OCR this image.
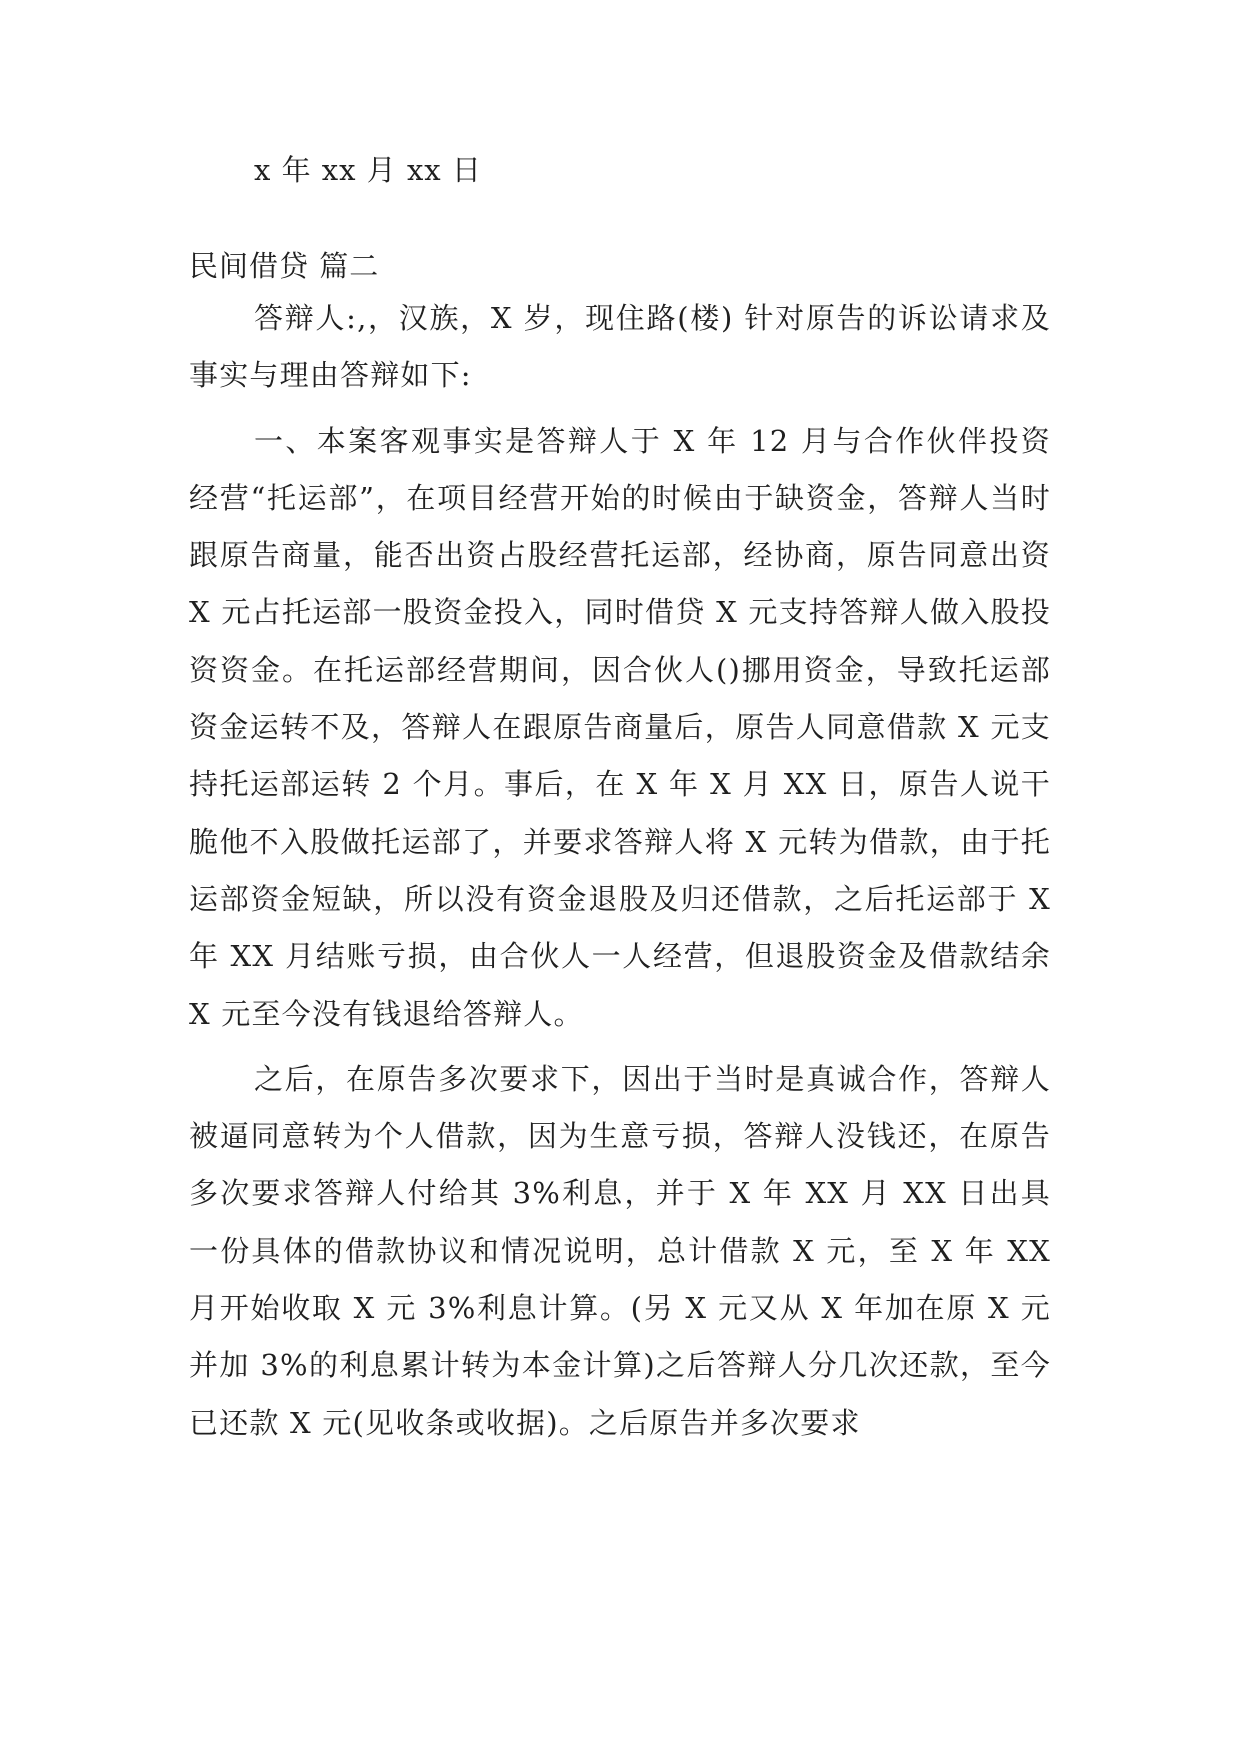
x 年 xx 月 xx 日

民间借贷 篇二

答辩人:,，汉族，X 岁，现住路(楼) 针对原告的诉讼请求及事实与理由答辩如下:

一、本案客观事实是答辩人于 X 年 12 月与合作伙伴投资经营“托运部”，在项目经营开始的时候由于缺资金，答辩人当时跟原告商量，能否出资占股经营托运部，经协商，原告同意出资 X 元占托运部一股资金投入，同时借贷 X 元支持答辩人做入股投资资金。在托运部经营期间，因合伙人()挪用资金，导致托运部资金运转不及，答辩人在跟原告商量后，原告人同意借款 X 元支持托运部运转 2 个月。事后，在 X 年 X 月 XX 日，原告人说干脆他不入股做托运部了，并要求答辩人将 X 元转为借款，由于托运部资金短缺，所以没有资金退股及归还借款，之后托运部于 X 年 XX 月结账亏损，由合伙人一人经营，但退股资金及借款结余 X 元至今没有钱退给答辩人。

之后，在原告多次要求下，因出于当时是真诚合作，答辩人被逼同意转为个人借款，因为生意亏损，答辩人没钱还，在原告多次要求答辩人付给其 3%利息，并于 X 年 XX 月 XX 日出具一份具体的借款协议和情况说明，总计借款 X 元，至 X 年 XX 月开始收取 X 元 3%利息计算。(另 X 元又从 X 年加在原 X 元并加 3%的利息累计转为本金计算)之后答辩人分几次还款，至今已还款 X 元(见收条或收据)。之后原告并多次要求
